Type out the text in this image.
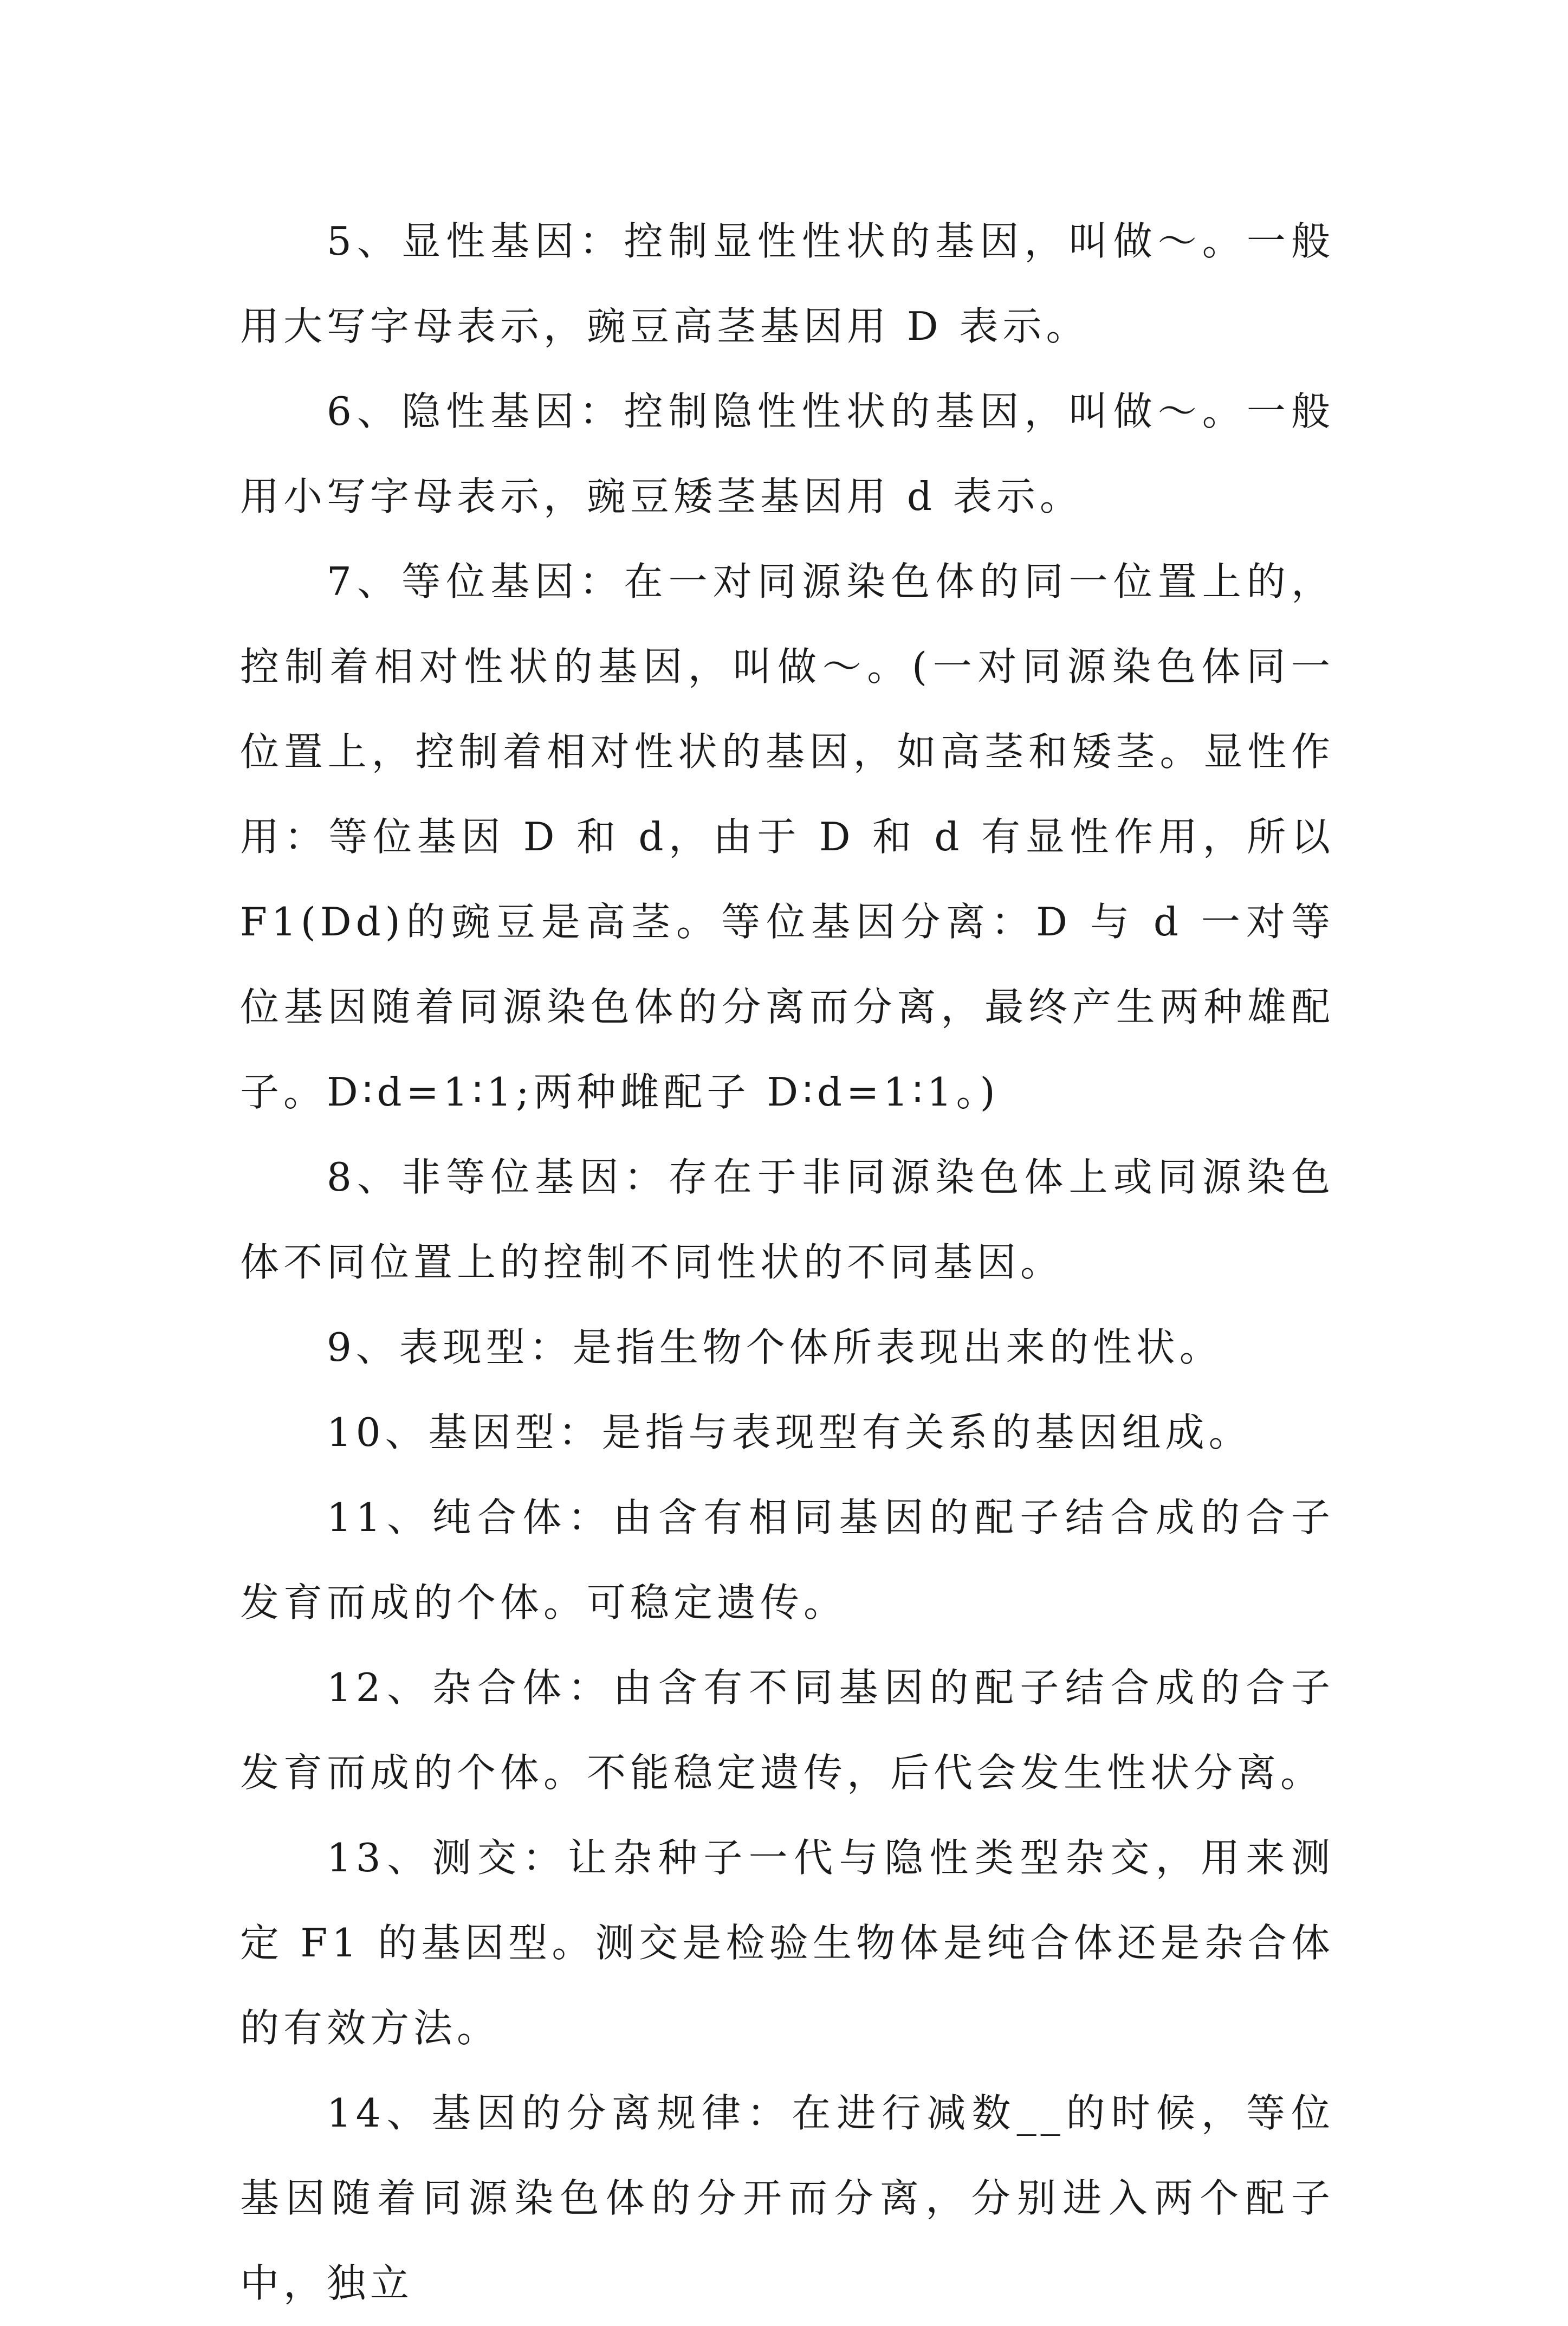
5、显性基因：控制显性性状的基因，叫做～。一般用大写字母表示，豌豆高茎基因用 D 表示。

6、隐性基因：控制隐性性状的基因，叫做～。一般用小写字母表示，豌豆矮茎基因用 d 表示。

7、等位基因：在一对同源染色体的同一位置上的，控制着相对性状的基因，叫做～。(一对同源染色体同一位置上，控制着相对性状的基因，如高茎和矮茎。显性作用：等位基因 D 和 d，由于 D 和 d 有显性作用，所以 F1(Dd)的豌豆是高茎。等位基因分离：D 与 d 一对等位基因随着同源染色体的分离而分离，最终产生两种雄配子。D∶d=1∶1;两种雌配子 D∶d=1∶1。)

8、非等位基因：存在于非同源染色体上或同源染色体不同位置上的控制不同性状的不同基因。

9、表现型：是指生物个体所表现出来的性状。

10、基因型：是指与表现型有关系的基因组成。

11、纯合体：由含有相同基因的配子结合成的合子发育而成的个体。可稳定遗传。

12、杂合体：由含有不同基因的配子结合成的合子发育而成的个体。不能稳定遗传，后代会发生性状分离。

13、测交：让杂种子一代与隐性类型杂交，用来测定 F1 的基因型。测交是检验生物体是纯合体还是杂合体的有效方法。

14、基因的分离规律：在进行减数__的时候，等位基因随着同源染色体的分开而分离，分别进入两个配子中，独立
